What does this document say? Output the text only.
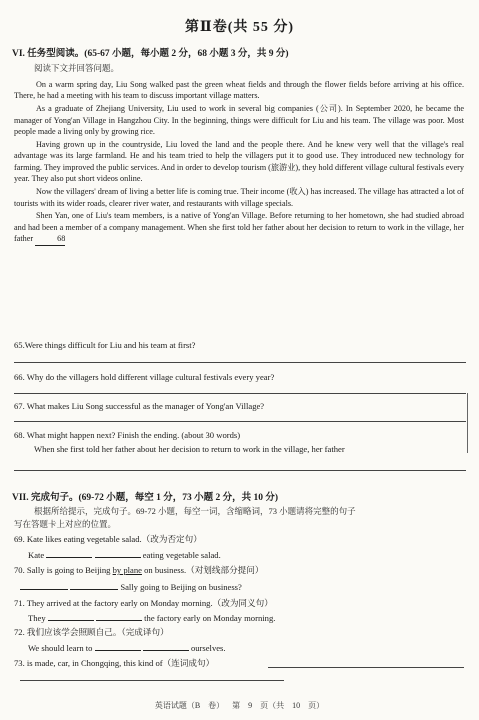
第Ⅱ卷(共 55 分)
VI. 任务型阅读。(65-67 小题，每小题 2 分，68 小题 3 分，共 9 分)
阅读下文并回答问题。

On a warm spring day, Liu Song walked past the green wheat fields and through the flower fields before arriving at his office. There, he had a meeting with his team to discuss important village matters.

As a graduate of Zhejiang University, Liu used to work in several big companies (公司). In September 2020, he became the manager of Yong'an Village in Hangzhou City. In the beginning, things were difficult for Liu and his team. The village was poor. Most people made a living only by growing rice.

Having grown up in the countryside, Liu loved the land and the people there. And he knew very well that the village's real advantage was its large farmland. He and his team tried to help the villagers put it to good use. They introduced new technology for farming. They improved the public services. And in order to develop tourism (旅游业), they hold different village cultural festivals every year. They also put short videos online.

Now the villagers' dream of living a better life is coming true. Their income (收入) has increased. The village has attracted a lot of tourists with its wider roads, clearer river water, and restaurants with village specials.

Shen Yan, one of Liu's team members, is a native of Yong'an Village. Before returning to her hometown, she had studied abroad and had been a member of a company management. When she first told her father about her decision to return to work in the village, her father	68

65.Were things difficult for Liu and his team at first?
66. Why do the villagers hold different village cultural festivals every year?
67. What makes Liu Song successful as the manager of Yong'an Village?
68. What might happen next? Finish the ending. (about 30 words)
When she first told her father about her decision to return to work in the village, her father
VII. 完成句子。(69-72 小题，每空 1 分，73 小题 2 分，共 10 分)
根据所给提示，完成句子。69-72 小题，每空一词，含缩略词，73 小题请将完整的句子
写在答题卡上对应的位置。
69. Kate likes eating vegetable salad.（改为否定句）
Kate	eating vegetable salad.
70. Sally is going to Beijing by plane on business.（对划线部分提问）
Sally going to Beijing on business?
71. They arrived at the factory early on Monday morning.（改为同义句）
They	the factory early on Monday morning.
72. 我们应该学会照顾自己。（完成译句）
We should learn to	ourselves.
73. is made, car, in Chongqing, this kind of（连词成句）
英语试题（B 卷） 第 9 页（共 10 页）
